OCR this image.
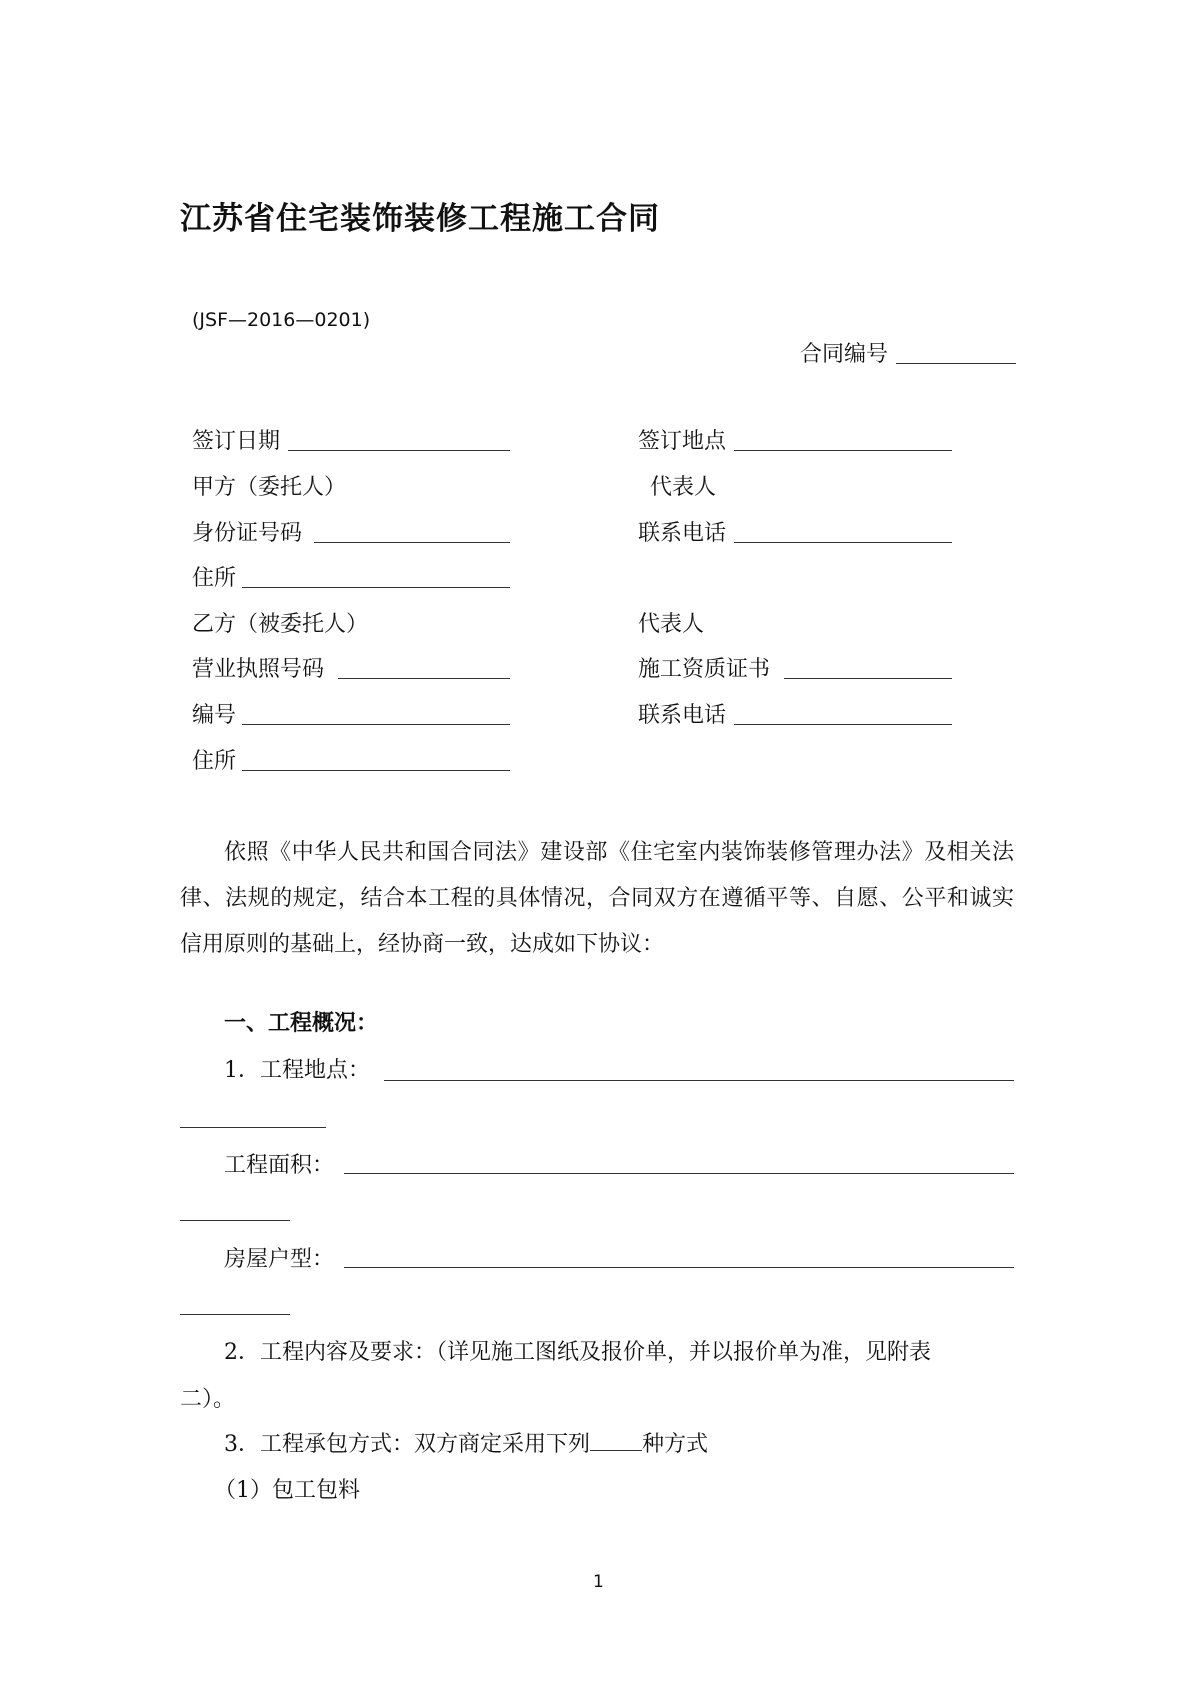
江苏省住宅装饰装修工程施工合同
(JSF—2016—0201)
合同编号
签订日期
甲方（委托人）
身份证号码
住所
乙方（被委托人）
营业执照号码
编号
住所
签订地点
代表人
联系电话
代表人
施工资质证书
联系电话
依照《中华人民共和国合同法》建设部《住宅室内装饰装修管理办法》及相关法律、法规的规定，结合本工程的具体情况，合同双方在遵循平等、自愿、公平和诚实信用原则的基础上，经协商一致，达成如下协议：
一、工程概况：
1．工程地点：
工程面积：
房屋户型：
2．工程内容及要求：（详见施工图纸及报价单，并以报价单为准，见附表
二）。
3．工程承包方式：双方商定采用下列 种方式
（1）包工包料
1
